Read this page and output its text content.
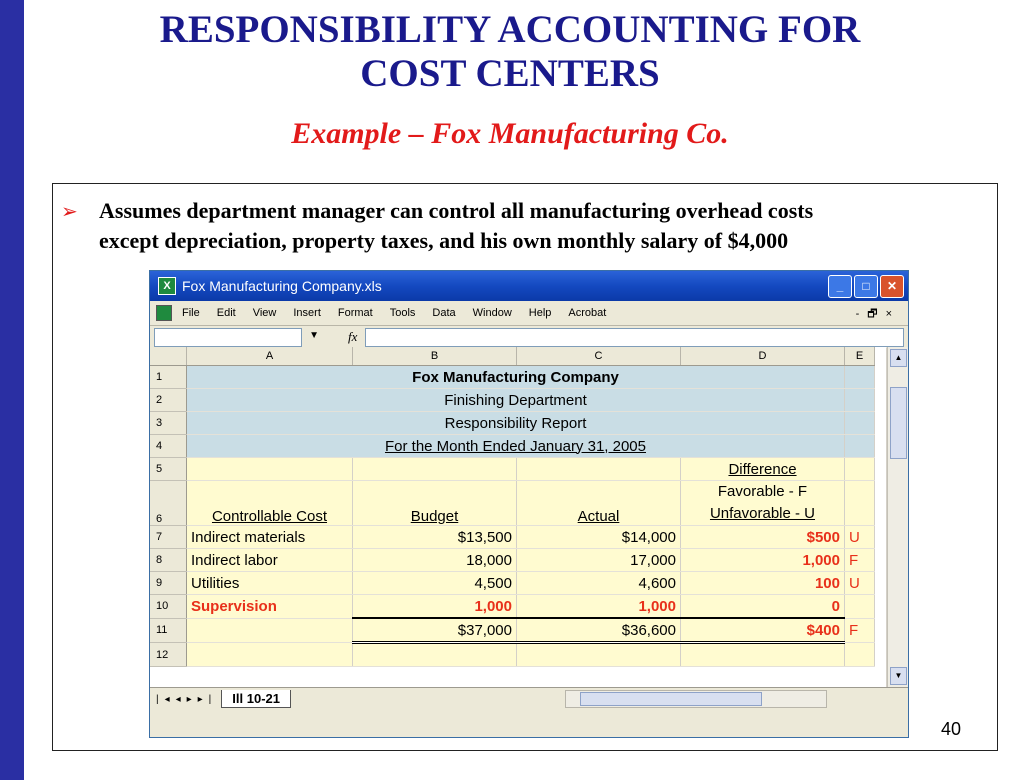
RESPONSIBILITY ACCOUNTING FOR
COST CENTERS
Example – Fox Manufacturing Co.
➢ Assumes department manager can control all manufacturing overhead costs
except depreciation, property taxes, and his own monthly salary of $4,000
X Fox Manufacturing Company.xls	_	□	✕
File Edit View Insert Format Tools Data Window Help Acrobat	-🗗×
▼ fx
	A	B	C	D	E
1	Fox Manufacturing Company				
2	Finishing Department				
3	Responsibility Report				
4	For the Month Ended January 31, 2005				
5				Difference	
6	Controllable Cost	Budget	Actual	Favorable - F
Unfavorable - U	

7	Indirect materials	$13,500	$14,000	$500	U
8	Indirect labor	18,000	17,000	1,000	F
9	Utilities	4,500	4,600	100	U
10	Supervision	1,000	1,000	0	
11		$37,000	$36,600	$400	F
12					
▲
▼
|◂◂▸▸|	Ill 10-21
40
